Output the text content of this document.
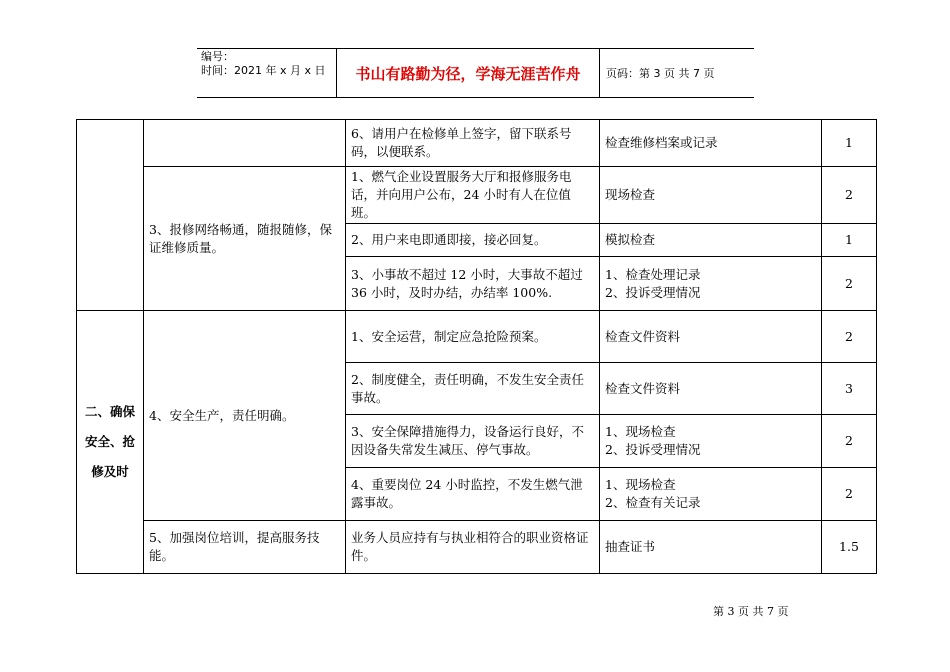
编号：
时间：2021 年 x 月 x 日	书山有路勤为径，学海无涯苦作舟	页码：第 3 页 共 7 页
		6、请用户在检修单上签字，留下联系号码，以便联系。	检查维修档案或记录	1
	3、报修网络畅通，随报随修，保证维修质量。	1、燃气企业设置服务大厅和报修服务电话，并向用户公布，24 小时有人在位值班。	现场检查	2
		2、用户来电即通即接，接必回复。	模拟检查	1
		3、小事故不超过 12 小时，大事故不超过 36 小时，及时办结，办结率 100%.	1、检查处理记录
2、投诉受理情况	2
二、确保安全、抢修及时	4、安全生产，责任明确。	1、安全运营，制定应急抢险预案。	检查文件资料	2
		2、制度健全，责任明确，不发生安全责任事故。	检查文件资料	3
		3、安全保障措施得力，设备运行良好，不因设备失常发生减压、停气事故。	1、现场检查
2、投诉受理情况	2
		4、重要岗位 24 小时监控，不发生燃气泄露事故。	1、现场检查
2、检查有关记录	2
	5、加强岗位培训，提高服务技能。	业务人员应持有与执业相符合的职业资格证件。	抽查证书	1.5
第 3 页 共 7 页
